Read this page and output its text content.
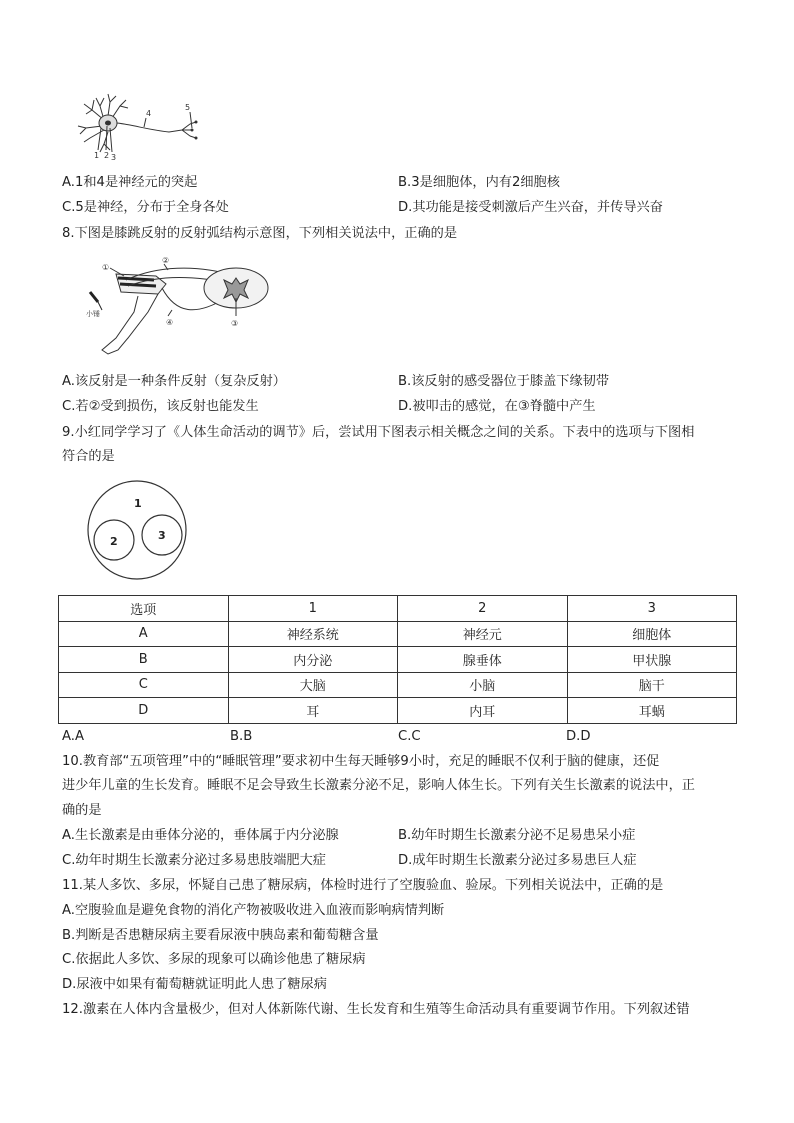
1 2 3
4
5
A.1和4是神经元的突起	B.3是细胞体，内有2细胞核
C.5是神经，分布于全身各处	D.其功能是接受刺激后产生兴奋，并传导兴奋
8.下图是膝跳反射的反射弧结构示意图，下列相关说法中，正确的是
①
②
③
④
小锤
A.该反射是一种条件反射（复杂反射）	B.该反射的感受器位于膝盖下缘韧带
C.若②受到损伤，该反射也能发生	D.被叩击的感觉，在③脊髓中产生
9.小红同学学习了《人体生命活动的调节》后，尝试用下图表示相关概念之间的关系。下表中的选项与下图相
符合的是
1
2	3
选项	1	2	3
A	神经系统	神经元	细胞体
B	内分泌	腺垂体	甲状腺
C	大脑	小脑	脑干
D	耳	内耳	耳蜗
A.A	B.B	C.C	D.D
10.教育部“五项管理”中的“睡眠管理”要求初中生每天睡够9小时，充足的睡眠不仅利于脑的健康，还促
进少年儿童的生长发育。睡眠不足会导致生长激素分泌不足，影响人体生长。下列有关生长激素的说法中，正
确的是
A.生长激素是由垂体分泌的，垂体属于内分泌腺	B.幼年时期生长激素分泌不足易患呆小症
C.幼年时期生长激素分泌过多易患肢端肥大症	D.成年时期生长激素分泌过多易患巨人症
11.某人多饮、多尿，怀疑自己患了糖尿病，体检时进行了空腹验血、验尿。下列相关说法中，正确的是
A.空腹验血是避免食物的消化产物被吸收进入血液而影响病情判断
B.判断是否患糖尿病主要看尿液中胰岛素和葡萄糖含量
C.依据此人多饮、多尿的现象可以确诊他患了糖尿病
D.尿液中如果有葡萄糖就证明此人患了糖尿病
12.激素在人体内含量极少，但对人体新陈代谢、生长发育和生殖等生命活动具有重要调节作用。下列叙述错
